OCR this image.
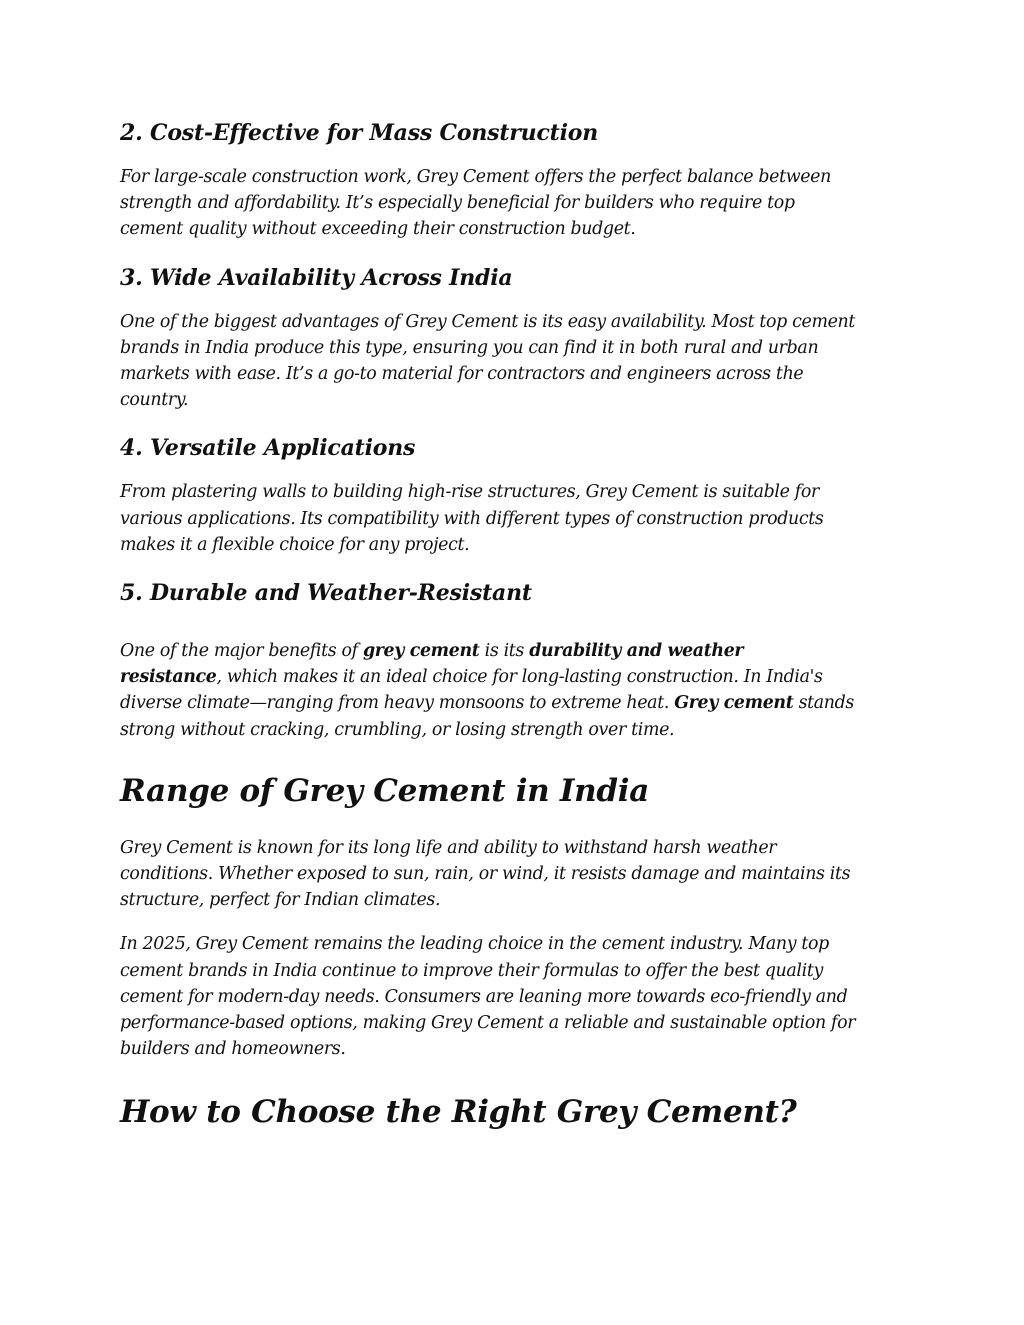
2. Cost-Effective for Mass Construction

For large-scale construction work, Grey Cement offers the perfect balance between
strength and affordability. It’s especially beneficial for builders who require top
cement quality without exceeding their construction budget.

3. Wide Availability Across India

One of the biggest advantages of Grey Cement is its easy availability. Most top cement
brands in India produce this type, ensuring you can find it in both rural and urban
markets with ease. It’s a go-to material for contractors and engineers across the
country.

4. Versatile Applications

From plastering walls to building high-rise structures, Grey Cement is suitable for
various applications. Its compatibility with different types of construction products
makes it a flexible choice for any project.

5. Durable and Weather-Resistant

One of the major benefits of grey cement is its durability and weather
resistance, which makes it an ideal choice for long-lasting construction. In India's
diverse climate—ranging from heavy monsoons to extreme heat. Grey cement stands
strong without cracking, crumbling, or losing strength over time.

Range of Grey Cement in India

Grey Cement is known for its long life and ability to withstand harsh weather
conditions. Whether exposed to sun, rain, or wind, it resists damage and maintains its
structure, perfect for Indian climates.

In 2025, Grey Cement remains the leading choice in the cement industry. Many top
cement brands in India continue to improve their formulas to offer the best quality
cement for modern-day needs. Consumers are leaning more towards eco-friendly and
performance-based options, making Grey Cement a reliable and sustainable option for
builders and homeowners.

How to Choose the Right Grey Cement?
